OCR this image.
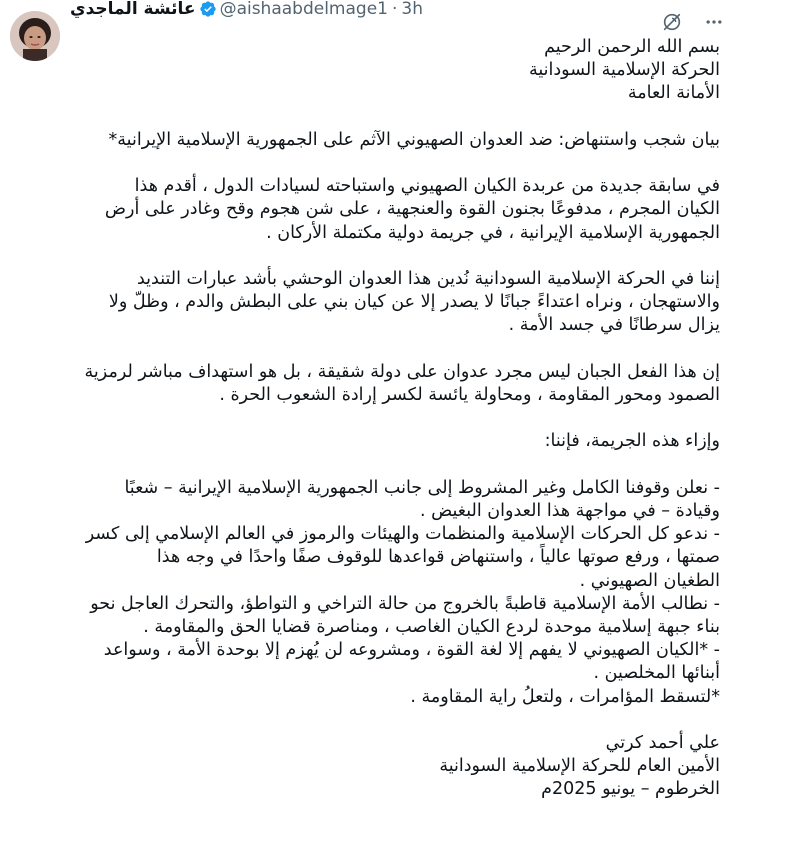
عائشة الماجدي @aishaabdelmage1 · 3h
بسم الله الرحمن الرحيم
الحركة الإسلامية السودانية
الأمانة العامة
بيان شجب واستنهاض: ضد العدوان الصهيوني الآثم على الجمهورية الإسلامية الإيرانية*
في سابقة جديدة من عربدة الكيان الصهيوني واستباحته لسيادات الدول ، أقدم هذا
الكيان المجرم ، مدفوعًا بجنون القوة والعنجهية ، على شن هجوم وقح وغادر على أرض
الجمهورية الإسلامية الإيرانية ، في جريمة دولية مكتملة الأركان .
إننا في الحركة الإسلامية السودانية نُدين هذا العدوان الوحشي بأشد عبارات التنديد
والاستهجان ، ونراه اعتداءً جبانًا لا يصدر إلا عن كيان بني على البطش والدم ، وظلّ ولا
يزال سرطانًا في جسد الأمة .
إن هذا الفعل الجبان ليس مجرد عدوان على دولة شقيقة ، بل هو استهداف مباشر لرمزية
الصمود ومحور المقاومة ، ومحاولة يائسة لكسر إرادة الشعوب الحرة .
وإزاء هذه الجريمة، فإننا:
- نعلن وقوفنا الكامل وغير المشروط إلى جانب الجمهورية الإسلامية الإيرانية – شعبًا
وقيادة – في مواجهة هذا العدوان البغيض .
- ندعو كل الحركات الإسلامية والمنظمات والهيئات والرموز في العالم الإسلامي إلى كسر
صمتها ، ورفع صوتها عالياً ، واستنهاض قواعدها للوقوف صفًا واحدًا في وجه هذا
الطغيان الصهيوني .
- نطالب الأمة الإسلامية قاطبةً بالخروج من حالة التراخي و التواطؤ، والتحرك العاجل نحو
بناء جبهة إسلامية موحدة لردع الكيان الغاصب ، ومناصرة قضايا الحق والمقاومة .
- *الكيان الصهيوني لا يفهم إلا لغة القوة ، ومشروعه لن يُهزم إلا بوحدة الأمة ، وسواعد
أبنائها المخلصين .
*لتسقط المؤامرات ، ولتعلُ راية المقاومة .
علي أحمد كرتي
الأمين العام للحركة الإسلامية السودانية
الخرطوم – يونيو 2025م
